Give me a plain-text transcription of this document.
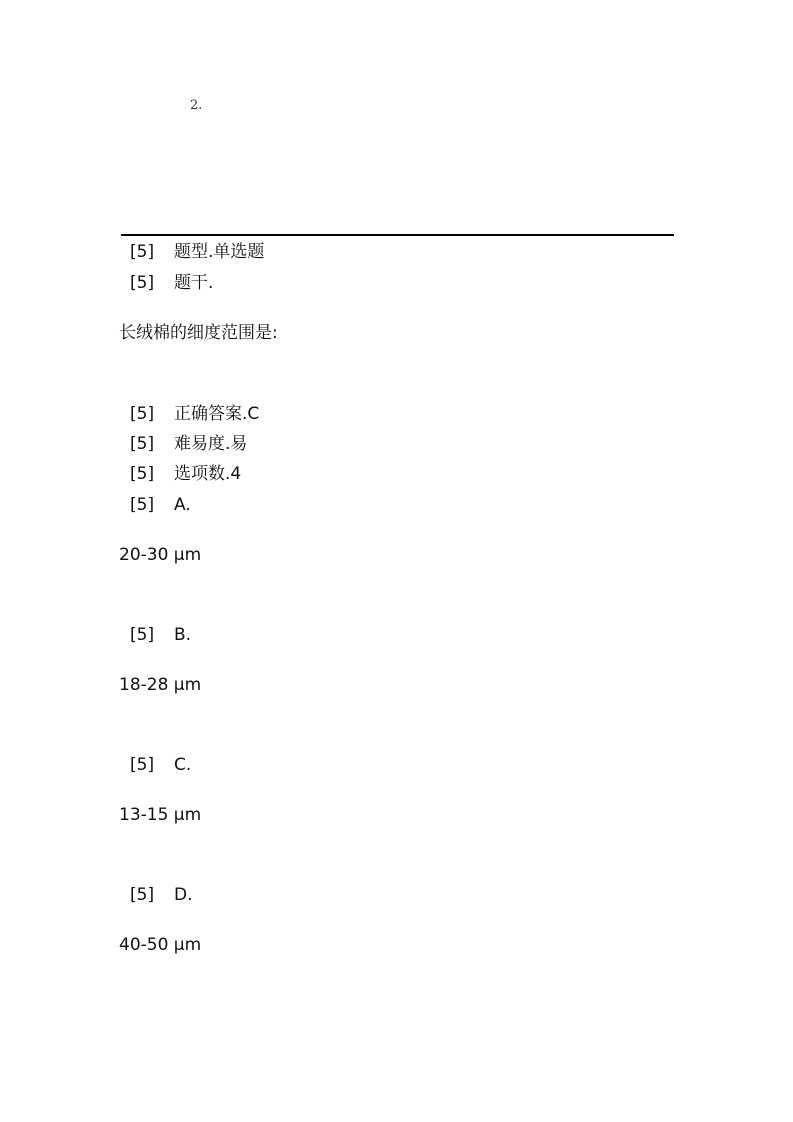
2.
[5] 题型.单选题
[5] 题干.
长绒棉的细度范围是:
[5] 正确答案.C
[5] 难易度.易
[5] 选项数.4
[5] A.
20-30 μm
[5] B.
18-28 μm
[5] C.
13-15 μm
[5] D.
40-50 μm
